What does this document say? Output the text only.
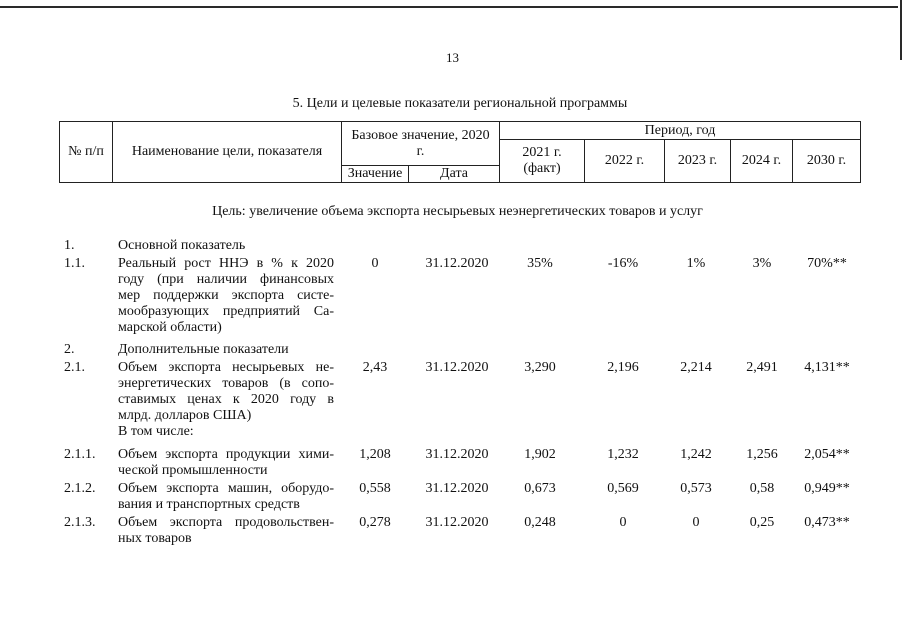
13
5. Цели и целевые показатели региональной программы
№ п/п	Наименование цели, показателя	Базовое значение, 2020 г.		Период, год				
				2021 г. (факт)	2022 г.	2023 г.	2024 г.	2030 г.
		Значение	Дата					
Цель: увеличение объема экспорта несырьевых неэнергетических товаров и услуг
1.	Основной показатель
1.1. Реальный рост ННЭ в % к 2020
году (при наличии финансовых
мер поддержки экспорта систе-
мообразующих предприятий Са-
марской области)
0	31.12.2020	35%	-16%	1%	3%	70%**
2.	Дополнительные показатели
2.1. Объем экспорта несырьевых не-
энергетических товаров (в сопо-
ставимых ценах к 2020 году в
млрд. долларов США)
В том числе:
2,43	31.12.2020	3,290	2,196	2,214	2,491	4,131**
2.1.1. Объем экспорта продукции хими-
ческой промышленности
1,208	31.12.2020	1,902	1,232	1,242	1,256	2,054**
2.1.2. Объем экспорта машин, оборудо-
вания и транспортных средств
0,558	31.12.2020	0,673	0,569	0,573	0,58	0,949**
2.1.3. Объем экспорта продовольствен-
ных товаров
0,278	31.12.2020	0,248	0	0	0,25	0,473**
